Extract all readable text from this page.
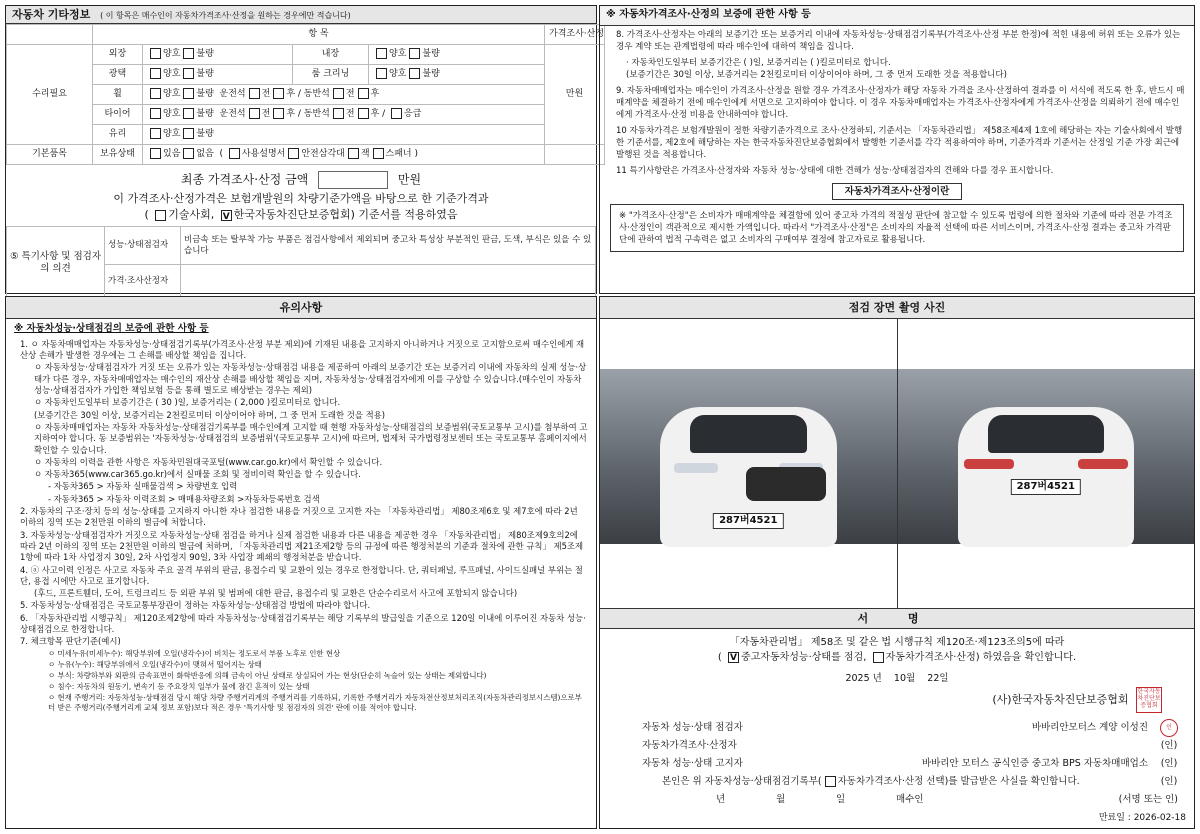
자동차 기타정보 ( 이 항목은 매수인이 자동차가격조사·산정을 원하는 경우에만 적습니다)
	항 목				가격조사·산정
수리필요	외장	양호 불량	내장	양호 불량	만원
	광택	양호 불량	룸 크리닝	양호 불량	
	휠	양호 불량 운전석 전 후 / 동반석 전 후			
	타이어	양호 불량 운전석 전 후 / 동반석 전 후 / 응급			
	유리	양호 불량			
기본품목	보유상태	있음 없음  ( 사용설명서 안전삼각대 잭 스패너 )			
최종 가격조사·산정 금액	만원
이 가격조사·산정가격은 보험개발원의 차량기준가액을 바탕으로 한 기준가격과
( 기술사회, V 한국자동차진단보증협회) 기준서를 적용하였음
⑤ 특기사항 및 점검자의 의견	성능·상태점검자	비금속 또는 탈부착 가능 부품은 점검사항에서 제외되며 중고차 특성상 부분적인 판금, 도색, 부식은 있을 수 있습니다
	가격·조사산정자	
※ 자동차가격조사·산정의 보증에 관한 사항 등

8. 가격조사·산정자는 아래의 보증기간 또는 보증거리 이내에 자동차성능·상태점검기록부(가격조사·산정 부분 한정)에 적힌 내용에 허위 또는 오류가 있는 경우 계약 또는 관계법령에 따라 매수인에 대하여 책임을 집니다.

· 자동차인도일부터 보증기간은 ( )일, 보증거리는 ( )킬로미터로 합니다.

(보증기간은 30일 이상, 보증거리는 2천킬로미터 이상이어야 하며, 그 중 먼저 도래한 것을 적용합니다)

9. 자동차매매업자는 매수인이 가격조사·산정을 원할 경우 가격조사·산정자가 해당 자동차 가격을 조사·산정하여 결과를 이 서식에 적도록 한 후, 반드시 매매계약을 체결하기 전에 매수인에게 서면으로 고지하여야 합니다. 이 경우 자동차매매업자는 가격조사·산정자에게 가격조사·산정을 의뢰하기 전에 매수인에게 가격조사·산정 비용을 안내하여야 합니다.

10 자동차가격은 보험개발원이 정한 차량기준가격으로 조사·산정하되, 기준서는 「자동차관리법」 제58조제4제 1호에 해당하는 자는 기술사회에서 발행한 기준서를, 제2호에 해당하는 자는 한국자동차진단보증협회에서 발행한 기준서를 각각 적용하여야 하며, 기준가격과 기준서는 산정일 기준 가장 최근에 발행된 것을 적용합니다.

11 특기사항란은 가격조사·산정자와 자동차 성능·상태에 대한 견해가 성능·상태점검자의 견해와 다를 경우 표시합니다.

자동차가격조사·산정이란
※ "가격조사·산정"은 소비자가 매매계약을 체결함에 있어 중고차 가격의 적절성 판단에 참고할 수 있도록 법령에 의한 절차와 기준에 따라 전문 가격조사·산정인이 객관적으로 제시한 가액입니다. 따라서 "가격조사·산정"은 소비자의 자율적 선택에 따른 서비스이며, 가격조사·산정 결과는 중고차 가격판단에 관하여 법적 구속력은 없고 소비자의 구매여부 결정에 참고자료로 활용됩니다.
유의사항
※ 자동차성능·상태점검의 보증에 관한 사항 등

1. ㅇ 자동차매매업자는 자동차성능·상태점검기록부(가격조사·산정 부분 제외)에 기재된 내용을 고지하지 아니하거나 거짓으로 고지함으로써 매수인에게 재산상 손해가 발생한 경우에는 그 손해를 배상할 책임을 집니다.

ㅇ 자동차성능·상태점검자가 거짓 또는 오류가 있는 자동차성능·상태점검 내용을 제공하여 아래의 보증기간 또는 보증거리 이내에 자동차의 실제 성능·상태가 다른 경우, 자동차매매업자는 매수인의 재산상 손해를 배상할 책임을 지며, 자동차성능·상태점검자에게 이를 구상할 수 있습니다.(매수인이 자동차성능·상태점검자가 가입한 책임보험 등을 통해 별도로 배상받는 경우는 제외)

ㅇ 자동차인도일부터 보증기간은 ( 30 )일, 보증거리는 ( 2,000 )킬로미터로 합니다.

(보증기간은 30일 이상, 보증거리는 2천킬로미터 이상이어야 하며, 그 중 먼저 도래한 것을 적용)

ㅇ 자동차매매업자는 자동차 자동차성능·상태점검기록부를 매수인에게 고지할 때 현행 자동차성능·상태점검의 보증범위(국토교통부 고시)를 첨부하여 고지하여야 합니다. 동 보증범위는 '자동차성능·상태점검의 보증범위'(국토교통부 고시)에 따르며, 법제처 국가법령정보센터 또는 국토교통부 홈페이지에서 확인할 수 있습니다.

ㅇ 자동차의 이력을 관한 사항은 자동차민원대국포털(www.car.go.kr)에서 확인할 수 있습니다.

ㅇ 자동차365(www.car365.go.kr)에서 실매물 조회 및 정비이력 확인을 할 수 있습니다.

- 자동차365 > 자동차 실매물검색 > 차량번호 입력

- 자동차365 > 자동차 이력조회 > 매매용차량조회 >자동차등록번호 검색

2. 자동차의 구조·장치 등의 성능·상태를 고지하지 아니한 자나 점검한 내용을 거짓으로 고지한 자는 「자동차관리법」 제80조제6호 및 제7호에 따라 2년 이하의 징역 또는 2천만원 이하의 벌금에 처합니다.

3. 자동차성능·상태점검자가 거짓으로 자동차성능·상태 점검을 하거나 실제 점검한 내용과 다른 내용을 제공한 경우 「자동차관리법」 제80조제9호의2에 따라 2년 이하의 징역 또는 2천만원 이하의 벌금에 처하며, 「자동차관리법 제21조제2항 등의 규정에 따른 행정처분의 기준과 절차에 관한 규칙」 제5조제1항에 따라 1차 사업정지 30일, 2차 사업정지 90일, 3차 사업장 폐쇄의 행정처분을 받습니다.

4. ⓐ 사고이력 인정은 사고로 자동차 주요 골격 부위의 판금, 용접수리 및 교환이 있는 경우로 한정합니다. 단, 쿼터패널, 루프패널, 사이드실패널 부위는 절단, 용접 시에만 사고로 표기합니다.

(후드, 프론트휀더, 도어, 트렁크리드 등 외판 부위 및 범퍼에 대한 판금, 용접수리 및 교환은 단순수리로서 사고에 포함되지 않습니다)

5. 자동차성능·상태점검은 국토교통부장관이 정하는 자동차성능·상태점검 방법에 따라야 합니다.

6. 「자동차관리법 시행규칙」 제120조제2항에 따라 자동차성능·상태점검기록부는 해당 기록부의 발급일을 기준으로 120일 이내에 이루어진 자동차 성능·상태점검으로 한정합니다.

7. 체크항목 판단기준(예시)

ㅇ 미세누유(미세누수): 해당부위에 오일(냉각수)이 비치는 정도로서 부품 노후로 인한 현상

ㅇ 누유(누수): 해당부위에서 오일(냉각수)이 맺혀서 떨어지는 상태

ㅇ 부식: 차량하부와 외판의 금속표면이 화학반응에 의해 금속이 아닌 상태로 상실되어 가는 현상(단순히 녹슬어 있는 상태는 제외합니다)

ㅇ 침수: 자동차의 원동기, 변속기 등 주요장치 일부가 물에 잠긴 흔적이 있는 상태

ㅇ 현재 주행거리: 자동차성능·상태점검 당시 해당 차량 주행거리계의 주행거리를 기록하되, 기록한 주행거리가 자동차전산정보처리조직(자동차관리정보시스템)으로부터 받은 주행거리(주행거리계 교체 정보 포함)보다 적은 경우 '특기사항 및 점검자의 의견' 란에 이를 적어야 합니다.

점검 장면 촬영 사진
287버4521
287버4521
서 명
「자동차관리법」 제58조 및 같은 법 시행규칙 제120조·제123조의5에 따라
( V중고자동차성능·상태를 점검, 자동차가격조사·산정) 하였음을 확인합니다.
2025 년 10월 22일
(사)한국자동차진단보증협회 한국자동차진단보증협회
자동차 성능·상태 점검자	바바리안모터스 계양 이성진	인
자동차가격조사·산정자	(인)
자동차 성능·상태 고지자	바바리안 모터스 공식인증 중고차 BPS 자동차매매업소	(인)
본인은 위 자동차성능·상태점검기록부( 자동차가격조사·산정 선택)를 발급받은 사실을 확인합니다.	(인)
년	월	일	매수인	(서명 또는 인)
만료일 : 2026-02-18
